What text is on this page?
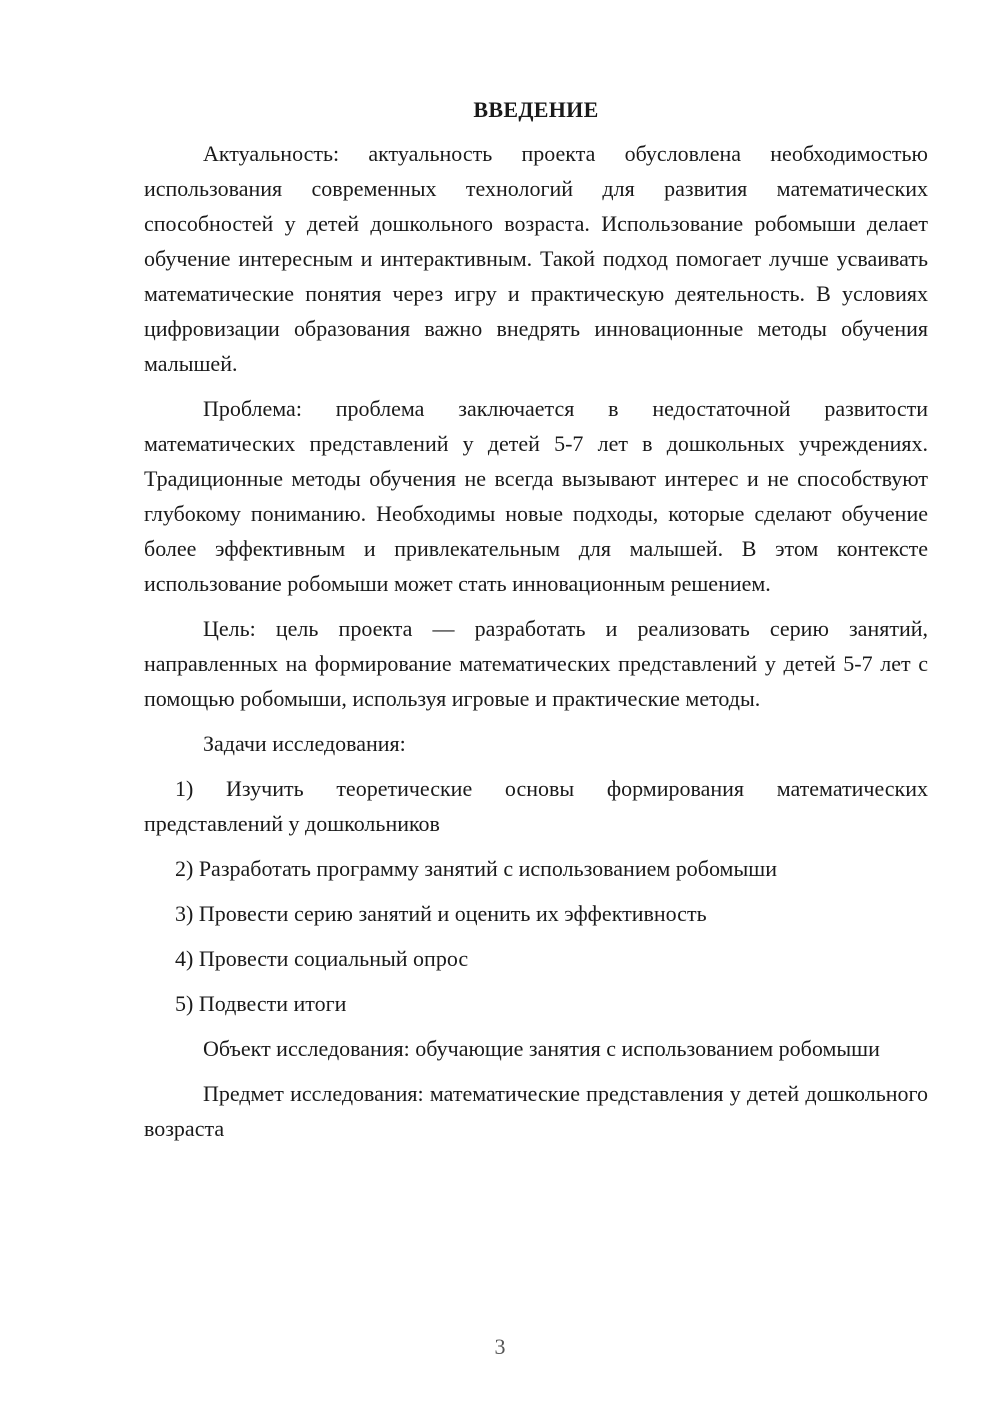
ВВЕДЕНИЕ

Актуальность: актуальность проекта обусловлена необходимостью использования современных технологий для развития математических способностей у детей дошкольного возраста. Использование робомыши делает обучение интересным и интерактивным. Такой подход помогает лучше усваивать математические понятия через игру и практическую деятельность. В условиях цифровизации образования важно внедрять инновационные методы обучения малышей.

Проблема: проблема заключается в недостаточной развитости математических представлений у детей 5-7 лет в дошкольных учреждениях. Традиционные методы обучения не всегда вызывают интерес и не способствуют глубокому пониманию. Необходимы новые подходы, которые сделают обучение более эффективным и привлекательным для малышей. В этом контексте использование робомыши может стать инновационным решением.

Цель: цель проекта — разработать и реализовать серию занятий, направленных на формирование математических представлений у детей 5-7 лет с помощью робомыши, используя игровые и практические методы.

Задачи исследования:

1) Изучить теоретические основы формирования математических представлений у дошкольников

2) Разработать программу занятий с использованием робомыши

3) Провести серию занятий и оценить их эффективность

4) Провести социальный опрос

5) Подвести итоги

Объект исследования: обучающие занятия с использованием робомыши

Предмет исследования: математические представления у детей дошкольного возраста

3
